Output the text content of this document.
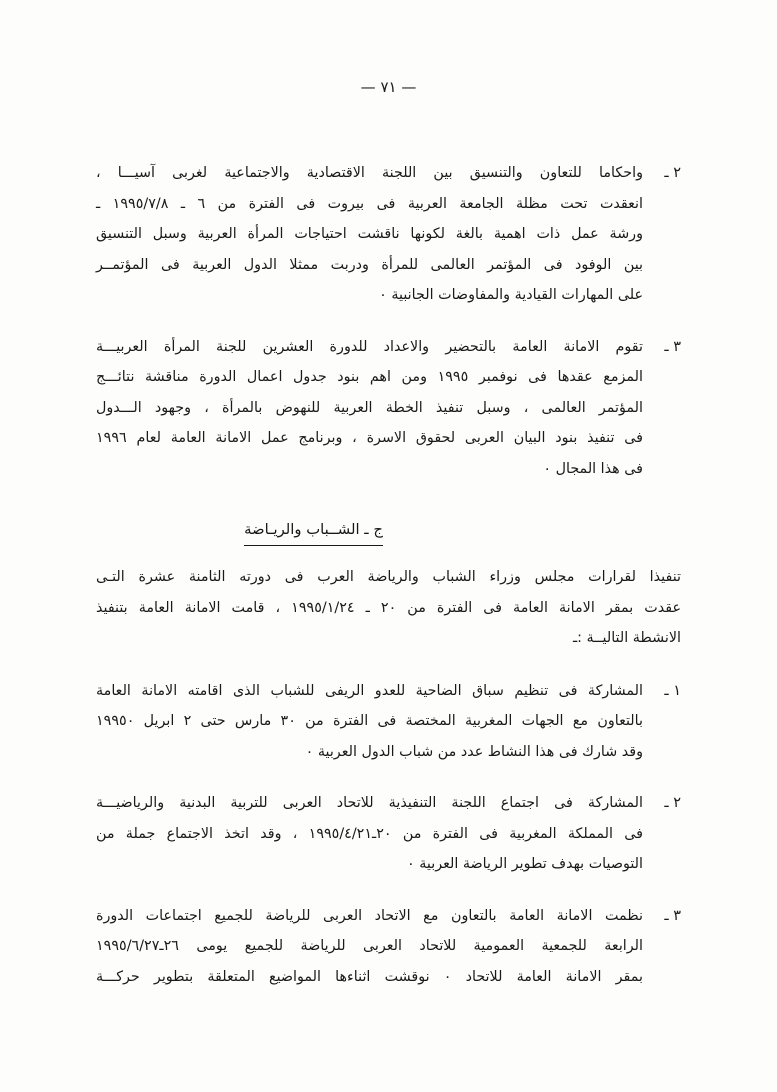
— ٧١ —
٢ ـ
واحكاما للتعاون والتنسيق بين اللجنة الاقتصادية والاجتماعية لغربى آسيـــا ،
انعقدت تحت مظلة الجامعة العربية فى بيروت فى الفترة من ٦ ـ ١٩٩٥/٧/٨ ـ
ورشة عمل ذات اهمية بالغة لكونها ناقشت احتياجات المرأة العربية وسبل التنسيق
بين الوفود فى المؤتمر العالمى للمرأة ودربت ممثلا الدول العربية فى المؤتمــر
على المهارات القيادية والمفاوضات الجانبية ٠
٣ ـ
تقوم الامانة العامة بالتحضير والاعداد للدورة العشرين للجنة المرأة العربيـــة
المزمع عقدها فى نوفمبر ١٩٩٥ ومن اهم بنود جدول اعمال الدورة مناقشة نتائـــج
المؤتمر العالمى ، وسبل تنفيذ الخطة العربية للنهوض بالمرأة ، وجهود الـــدول
فى تنفيذ بنود البيان العربى لحقوق الاسرة ، وبرنامج عمل الامانة العامة لعام ١٩٩٦
فى هذا المجال ٠
ج ـ الشــباب والريـاضة
تنفيذا لقرارات مجلس وزراء الشباب والرياضة العرب فى دورته الثامنة عشرة التـى
عقدت بمقر الامانة العامة فى الفترة من ٢٠ ـ ١٩٩٥/١/٢٤ ، قامت الامانة العامة بتنفيذ
الانشطة التاليــة :ـ
١ ـ
المشاركة فى تنظيم سباق الضاحية للعدو الريفى للشباب الذى اقامته الامانة العامة
بالتعاون مع الجهات المغربية المختصة فى الفترة من ٣٠ مارس حتى ٢ ابريل ١٩٩٥٠
وقد شارك فى هذا النشاط عدد من شباب الدول العربية ٠
٢ ـ
المشاركة فى اجتماع اللجنة التنفيذية للاتحاد العربى للتربية البدنية والرياضيـــة
فى المملكة المغربية فى الفترة من ٢٠ـ١٩٩٥/٤/٢١ ، وقد اتخذ الاجتماع جملة من
التوصيات بهدف تطوير الرياضة العربية ٠
٣ ـ
نظمت الامانة العامة بالتعاون مع الاتحاد العربى للرياضة للجميع اجتماعات الدورة
الرابعة للجمعية العمومية للاتحاد العربى للرياضة للجميع يومى ٢٦ـ١٩٩٥/٦/٢٧
بمقر الامانة العامة للاتحاد ٠ نوقشت اثناءها المواضيع المتعلقة بتطوير حركـــة
